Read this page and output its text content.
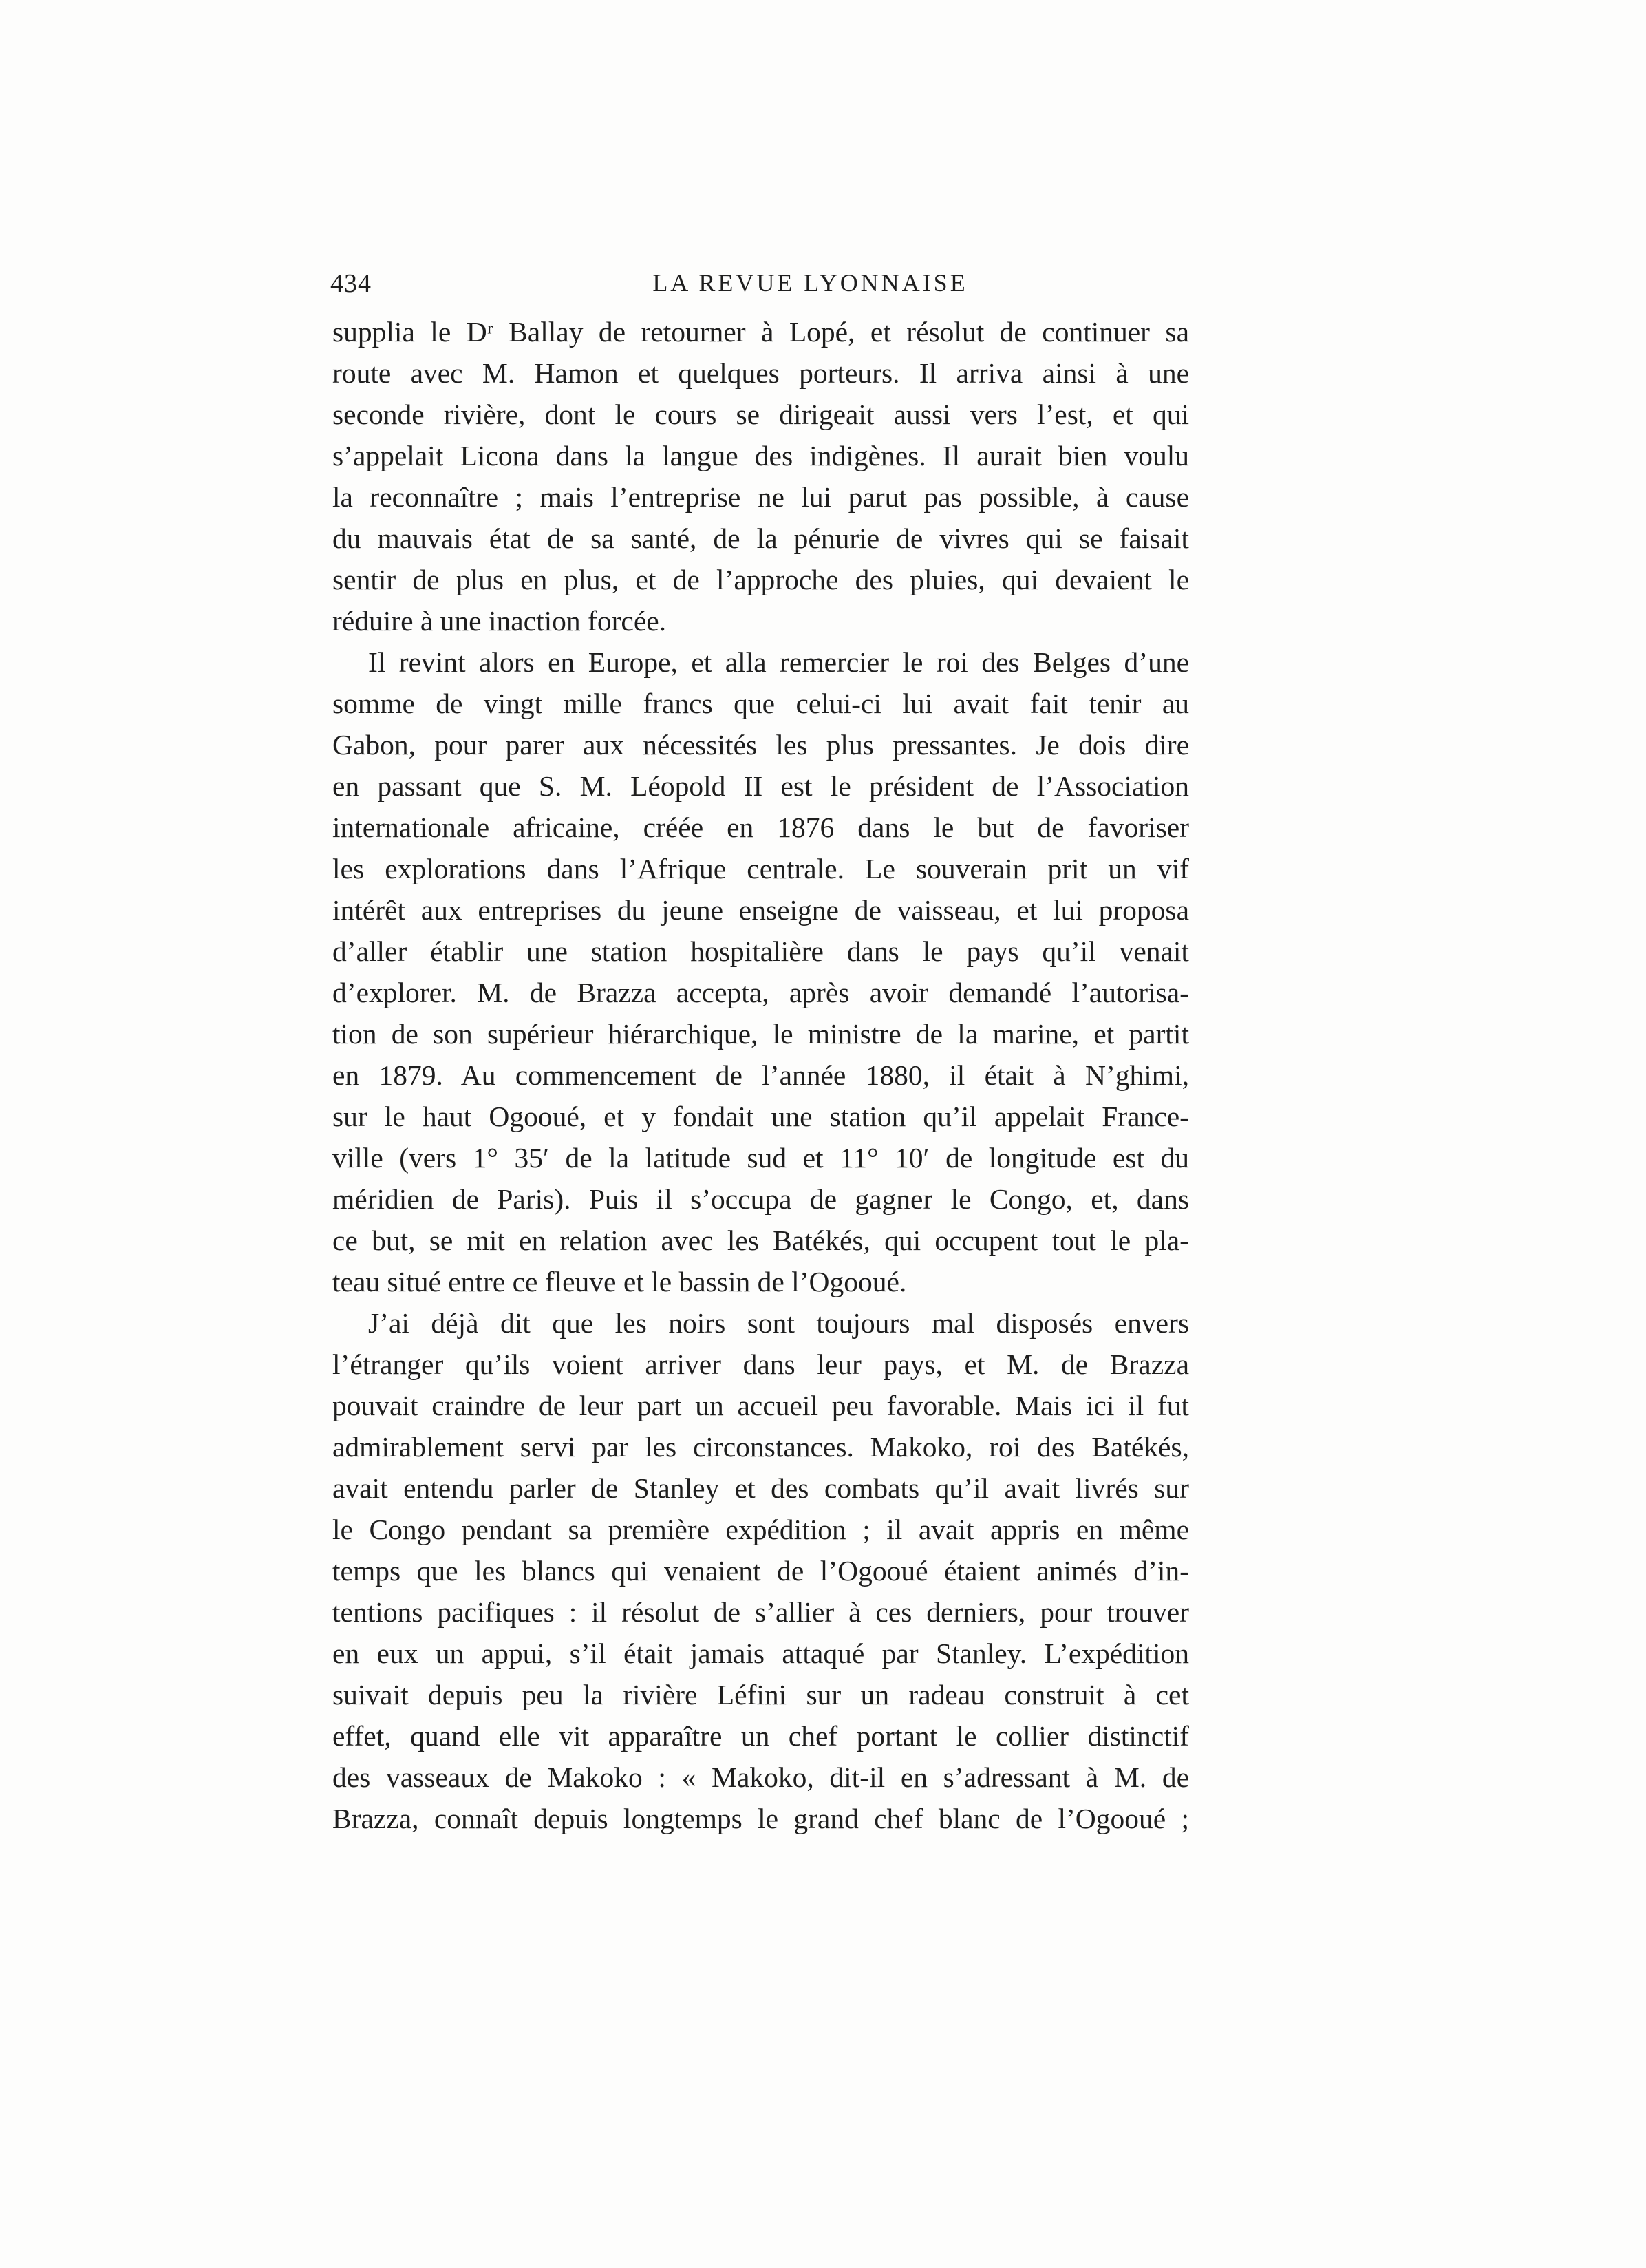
434	LA REVUE LYONNAISE
supplia le Dʳ Ballay de retourner à Lopé, et résolut de continuer sa
route avec M. Hamon et quelques porteurs. Il arriva ainsi à une
seconde rivière, dont le cours se dirigeait aussi vers l’est, et qui
s’appelait Licona dans la langue des indigènes. Il aurait bien voulu
la reconnaître ; mais l’entreprise ne lui parut pas possible, à cause
du mauvais état de sa santé, de la pénurie de vivres qui se faisait
sentir de plus en plus, et de l’approche des pluies, qui devaient le
réduire à une inaction forcée.
Il revint alors en Europe, et alla remercier le roi des Belges d’une
somme de vingt mille francs que celui-ci lui avait fait tenir au
Gabon, pour parer aux nécessités les plus pressantes. Je dois dire
en passant que S. M. Léopold II est le président de l’Association
internationale africaine, créée en 1876 dans le but de favoriser
les explorations dans l’Afrique centrale. Le souverain prit un vif
intérêt aux entreprises du jeune enseigne de vaisseau, et lui proposa
d’aller établir une station hospitalière dans le pays qu’il venait
d’explorer. M. de Brazza accepta, après avoir demandé l’autorisa-
tion de son supérieur hiérarchique, le ministre de la marine, et partit
en 1879. Au commencement de l’année 1880, il était à N’ghimi,
sur le haut Ogooué, et y fondait une station qu’il appelait France-
ville (vers 1° 35′ de la latitude sud et 11° 10′ de longitude est du
méridien de Paris). Puis il s’occupa de gagner le Congo, et, dans
ce but, se mit en relation avec les Batékés, qui occupent tout le pla-
teau situé entre ce fleuve et le bassin de l’Ogooué.
J’ai déjà dit que les noirs sont toujours mal disposés envers
l’étranger qu’ils voient arriver dans leur pays, et M. de Brazza
pouvait craindre de leur part un accueil peu favorable. Mais ici il fut
admirablement servi par les circonstances. Makoko, roi des Batékés,
avait entendu parler de Stanley et des combats qu’il avait livrés sur
le Congo pendant sa première expédition ; il avait appris en même
temps que les blancs qui venaient de l’Ogooué étaient animés d’in-
tentions pacifiques : il résolut de s’allier à ces derniers, pour trouver
en eux un appui, s’il était jamais attaqué par Stanley. L’expédition
suivait depuis peu la rivière Léfini sur un radeau construit à cet
effet, quand elle vit apparaître un chef portant le collier distinctif
des vasseaux de Makoko : « Makoko, dit-il en s’adressant à M. de
Brazza, connaît depuis longtemps le grand chef blanc de l’Ogooué ;
